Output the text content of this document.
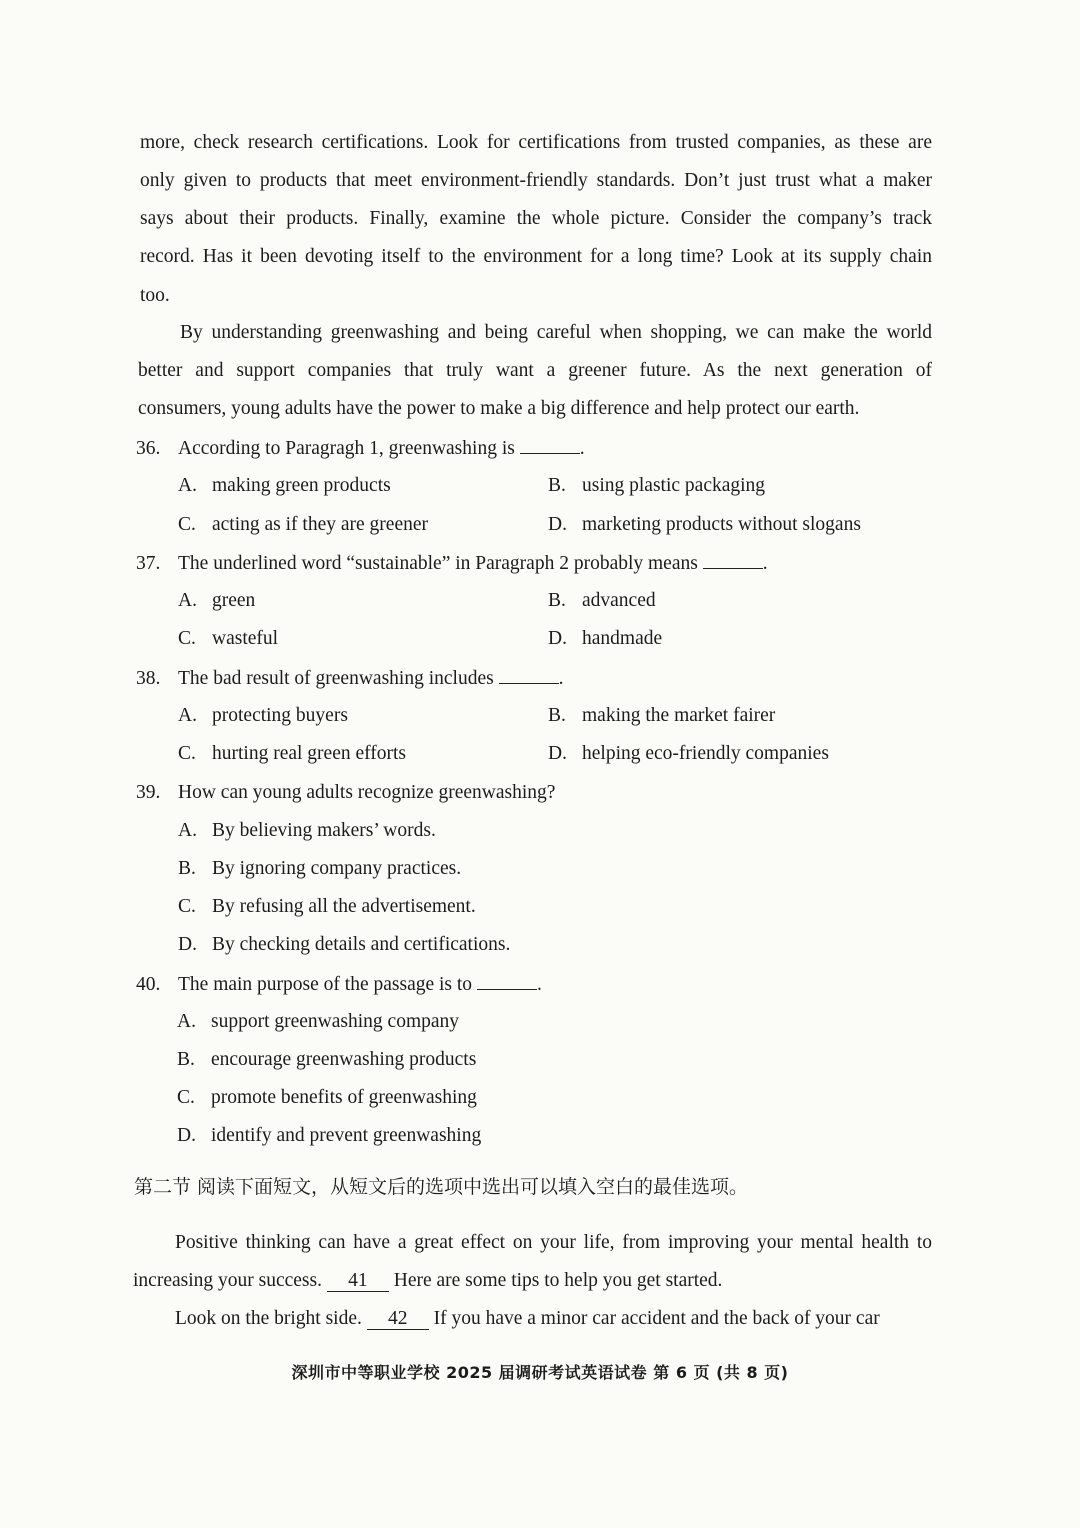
more, check research certifications. Look for certifications from trusted companies, as these are
only given to products that meet environment-friendly standards. Don’t just trust what a maker
says about their products. Finally, examine the whole picture. Consider the company’s track
record. Has it been devoting itself to the environment for a long time? Look at its supply chain
too.
By understanding greenwashing and being careful when shopping, we can make the world
better and support companies that truly want a greener future. As the next generation of
consumers, young adults have the power to make a big difference and help protect our earth.
36. According to Paragragh 1, greenwashing is	.
A. making green products	B. using plastic packaging
C. acting as if they are greener	D. marketing products without slogans
37. The underlined word “sustainable” in Paragraph 2 probably means	.
A. green	B. advanced
C. wasteful	D. handmade
38. The bad result of greenwashing includes	.
A. protecting buyers	B. making the market fairer
C. hurting real green efforts	D. helping eco-friendly companies
39. How can young adults recognize greenwashing?
A. By believing makers’ words.
B. By ignoring company practices.
C. By refusing all the advertisement.
D. By checking details and certifications.
40. The main purpose of the passage is to	.
A. support greenwashing company
B. encourage greenwashing products
C. promote benefits of greenwashing
D. identify and prevent greenwashing
第二节 阅读下面短文，从短文后的选项中选出可以填入空白的最佳选项。
Positive thinking can have a great effect on your life, from improving your mental health to
increasing your success. 41 Here are some tips to help you get started.
Look on the bright side. 42 If you have a minor car accident and the back of your car
深圳市中等职业学校 2025 届调研考试英语试卷 第 6 页 (共 8 页)
